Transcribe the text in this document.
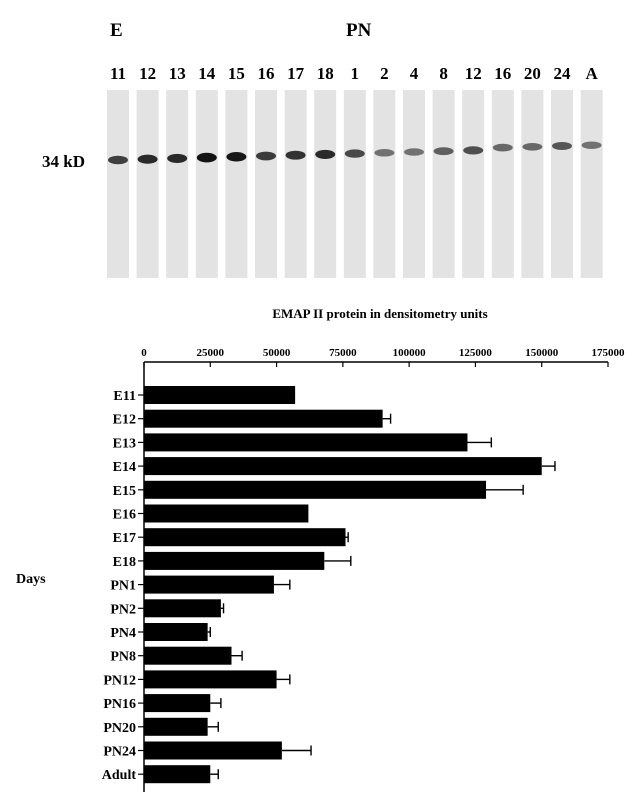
E	PN
11 12 13 14 15 16 17 18 1	2	4	8 12 16 20 24 A
34 kD
EMAP II protein in densitometry units
Days
0	25000	50000	75000	100000	125000	150000	175000
E11
E12
E13
E14
E15
E16
E17
E18
PN1
PN2
PN4
PN8
PN12
PN16
PN20
PN24
Adult
